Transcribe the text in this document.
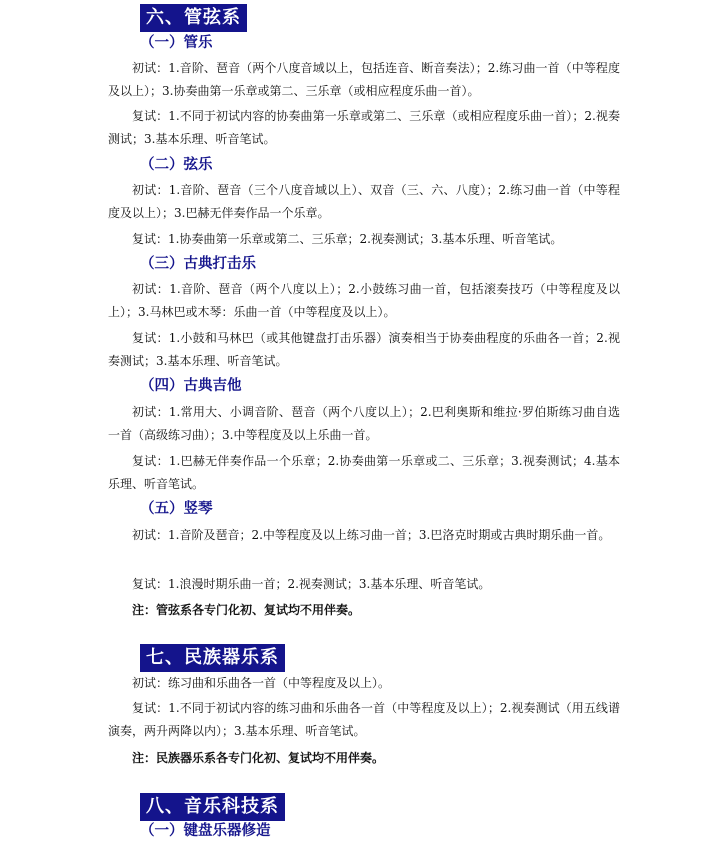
六、管弦系
（一）管乐

初试：1.音阶、琶音（两个八度音域以上，包括连音、断音奏法）；2.练习曲一首（中等程度及以上）；3.协奏曲第一乐章或第二、三乐章（或相应程度乐曲一首）。

复试：1.不同于初试内容的协奏曲第一乐章或第二、三乐章（或相应程度乐曲一首）；2.视奏测试；3.基本乐理、听音笔试。

（二）弦乐

初试：1.音阶、琶音（三个八度音域以上）、双音（三、六、八度）；2.练习曲一首（中等程度及以上）；3.巴赫无伴奏作品一个乐章。

复试：1.协奏曲第一乐章或第二、三乐章；2.视奏测试；3.基本乐理、听音笔试。

（三）古典打击乐

初试：1.音阶、琶音（两个八度以上）；2.小鼓练习曲一首，包括滚奏技巧（中等程度及以上）；3.马林巴或木琴：乐曲一首（中等程度及以上）。

复试：1.小鼓和马林巴（或其他键盘打击乐器）演奏相当于协奏曲程度的乐曲各一首；2.视奏测试；3.基本乐理、听音笔试。

（四）古典吉他

初试：1.常用大、小调音阶、琶音（两个八度以上）；2.巴利奥斯和维拉·罗伯斯练习曲自选一首（高级练习曲）；3.中等程度及以上乐曲一首。

复试：1.巴赫无伴奏作品一个乐章；2.协奏曲第一乐章或二、三乐章；3.视奏测试；4.基本乐理、听音笔试。

（五）竖琴

初试：1.音阶及琶音；2.中等程度及以上练习曲一首；3.巴洛克时期或古典时期乐曲一首。

复试：1.浪漫时期乐曲一首；2.视奏测试；3.基本乐理、听音笔试。

注：管弦系各专门化初、复试均不用伴奏。
七、民族器乐系

初试：练习曲和乐曲各一首（中等程度及以上）。

复试：1.不同于初试内容的练习曲和乐曲各一首（中等程度及以上）；2.视奏测试（用五线谱演奏，两升两降以内）；3.基本乐理、听音笔试。

注：民族器乐系各专门化初、复试均不用伴奏。
八、音乐科技系
（一）键盘乐器修造
